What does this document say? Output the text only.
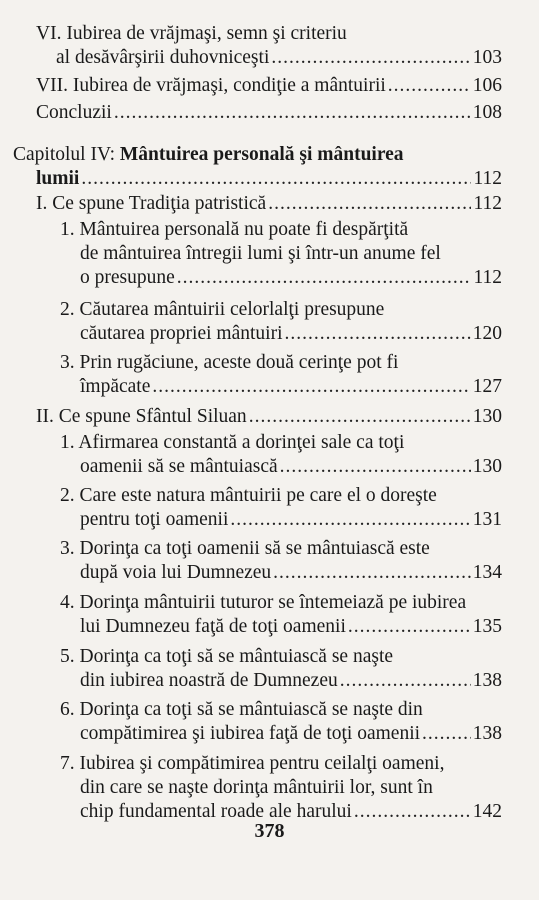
VI. Iubirea de vrăjmaşi, semn şi criteriu
al desăvârşirii duhovniceşti .....	103
VII. Iubirea de vrăjmaşi, condiţie a mântuirii .....	106
Concluzii .....	108
Capitolul IV: Mântuirea personală şi mântuirea
lumii .....	112
I. Ce spune Tradiţia patristică .....	112
1. Mântuirea personală nu poate fi despărţită
de mântuirea întregii lumi şi într-un anume fel
o presupune .....	112
2. Căutarea mântuirii celorlalţi presupune
căutarea propriei mântuiri .....	120
3. Prin rugăciune, aceste două cerinţe pot fi
împăcate .....	127
II. Ce spune Sfântul Siluan .....	130
1. Afirmarea constantă a dorinţei sale ca toţi
oamenii să se mântuiască .....	130
2. Care este natura mântuirii pe care el o doreşte
pentru toţi oamenii .....	131
3. Dorinţa ca toţi oamenii să se mântuiască este
după voia lui Dumnezeu .....	134
4. Dorinţa mântuirii tuturor se întemeiază pe iubirea
lui Dumnezeu faţă de toţi oamenii .....	135
5. Dorinţa ca toţi să se mântuiască se naşte
din iubirea noastră de Dumnezeu .....	138
6. Dorinţa ca toţi să se mântuiască se naşte din
compătimirea şi iubirea faţă de toţi oamenii .....	138
7. Iubirea şi compătimirea pentru ceilalţi oameni,
din care se naşte dorinţa mântuirii lor, sunt în
chip fundamental roade ale harului .....	142
378
